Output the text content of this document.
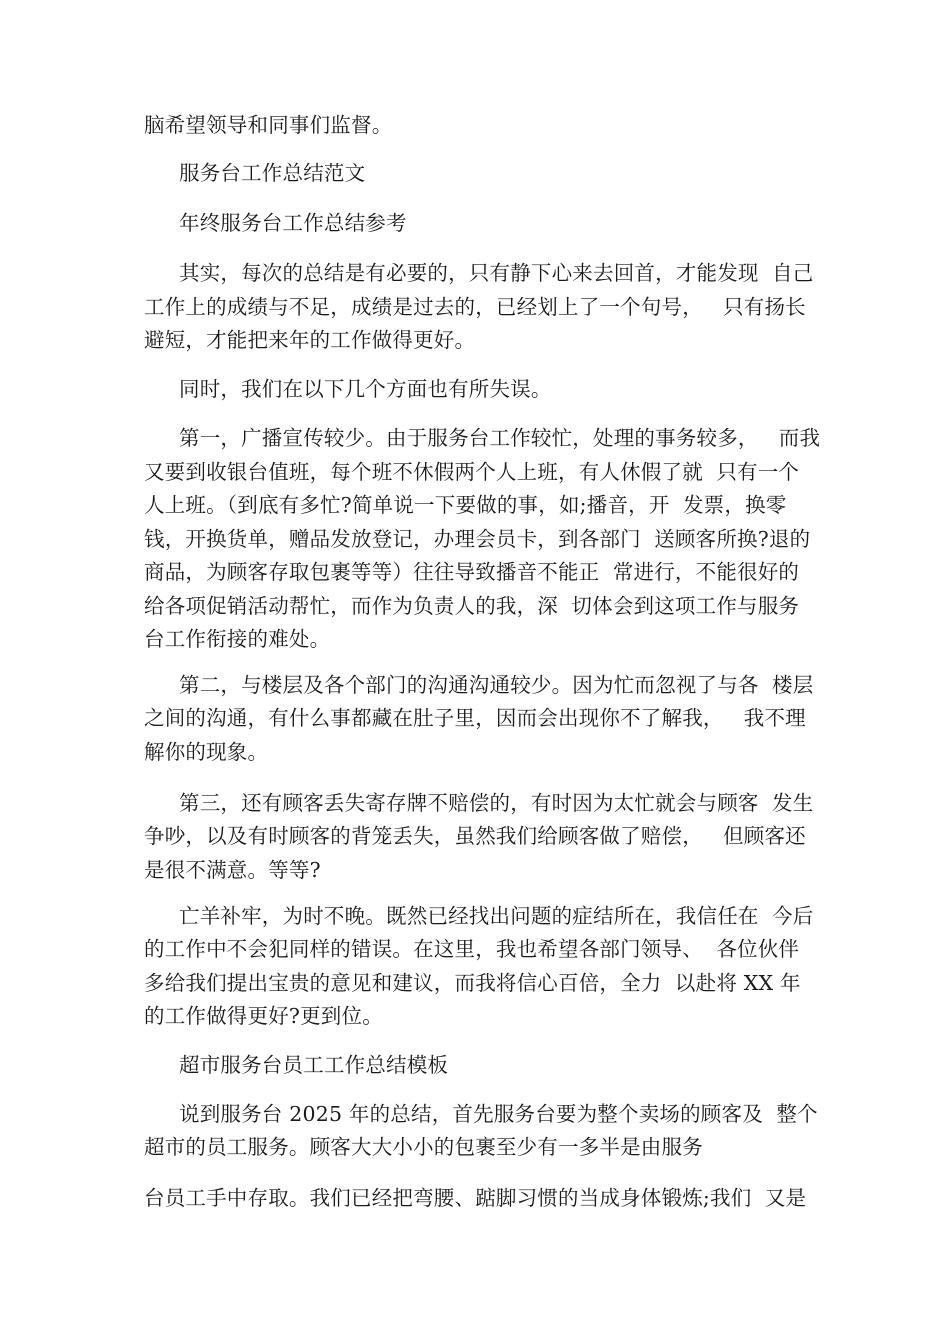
脑希望领导和同事们监督。
服务台工作总结范文
年终服务台工作总结参考
其实，每次的总结是有必要的，只有静下心来去回首，才能发现  自己
工作上的成绩与不足，成绩是过去的，已经划上了一个句号，   只有扬长
避短，才能把来年的工作做得更好。
同时，我们在以下几个方面也有所失误。
第一，广播宣传较少。由于服务台工作较忙，处理的事务较多，   而我
又要到收银台值班，每个班不休假两个人上班，有人休假了就  只有一个
人上班。（到底有多忙?简单说一下要做的事，如;播音，开  发票，换零
钱，开换货单，赠品发放登记，办理会员卡，到各部门  送顾客所换?退的
商品，为顾客存取包裹等等）往往导致播音不能正  常进行，不能很好的
给各项促销活动帮忙，而作为负责人的我，深  切体会到这项工作与服务
台工作衔接的难处。
第二，与楼层及各个部门的沟通沟通较少。因为忙而忽视了与各  楼层
之间的沟通，有什么事都藏在肚子里，因而会出现你不了解我，   我不理
解你的现象。
第三，还有顾客丢失寄存牌不赔偿的，有时因为太忙就会与顾客  发生
争吵，以及有时顾客的背笼丢失，虽然我们给顾客做了赔偿，   但顾客还
是很不满意。等等?
亡羊补牢，为时不晚。既然已经找出问题的症结所在，我信任在  今后
的工作中不会犯同样的错误。在这里，我也希望各部门领导、  各位伙伴
多给我们提出宝贵的意见和建议，而我将信心百倍，全力  以赴将 XX 年
的工作做得更好?更到位。
超市服务台员工工作总结模板
说到服务台 2025 年的总结，首先服务台要为整个卖场的顾客及  整个
超市的员工服务。顾客大大小小的包裹至少有一多半是由服务
台员工手中存取。我们已经把弯腰、踮脚习惯的当成身体锻炼;我们  又是
